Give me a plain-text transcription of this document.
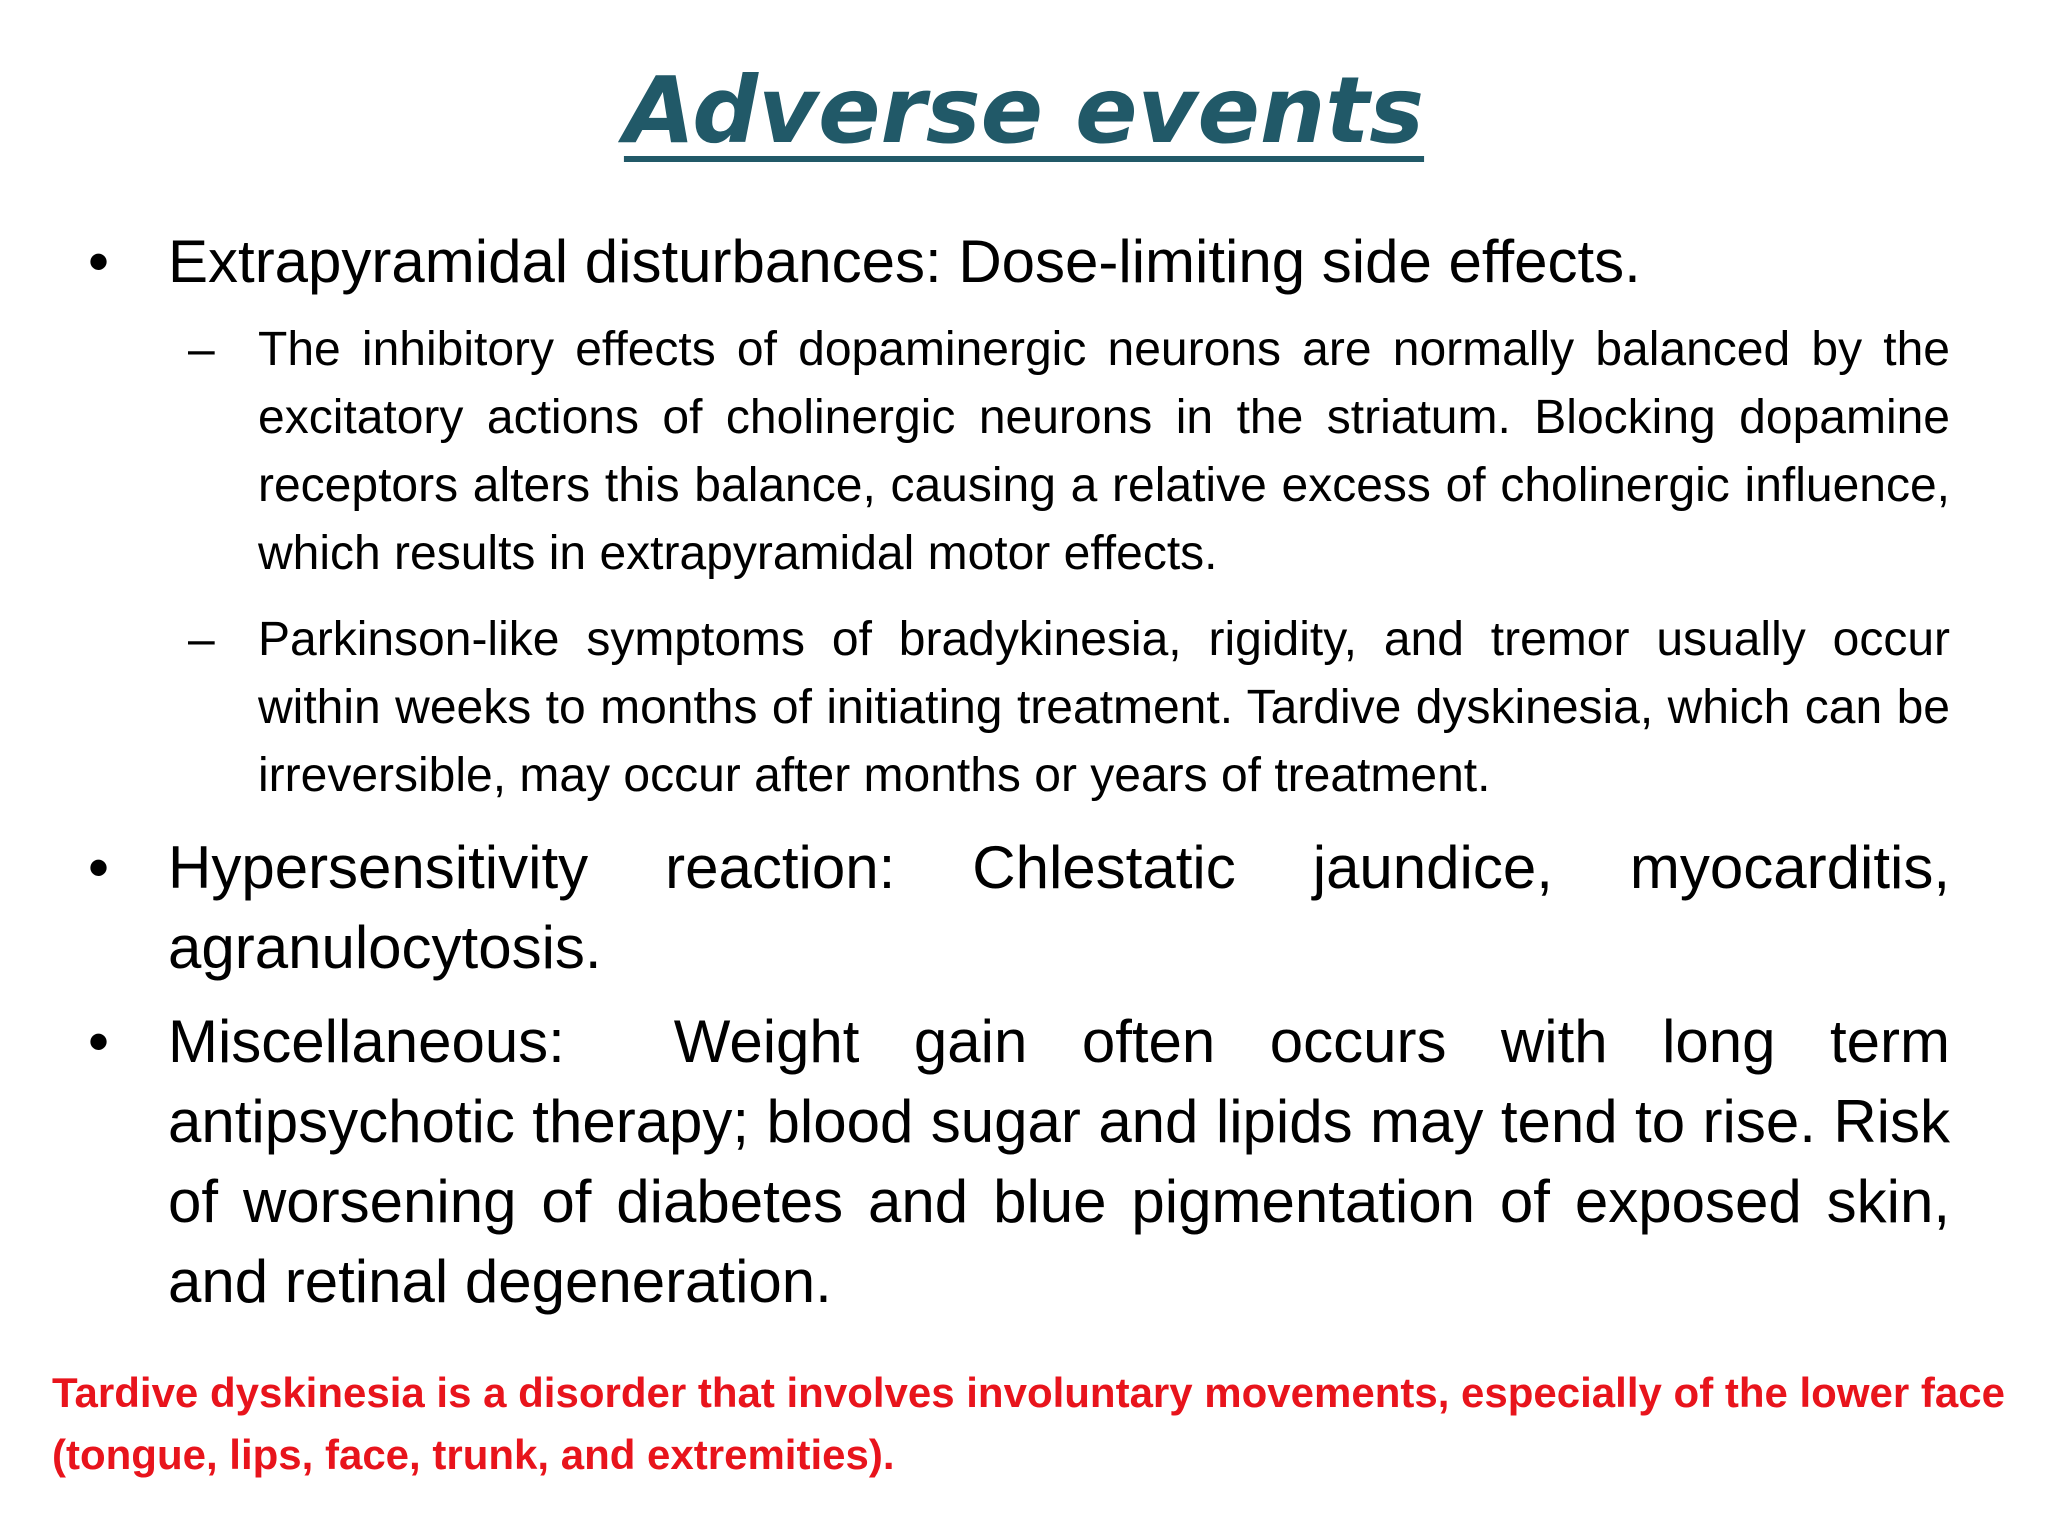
Adverse events
• Extrapyramidal disturbances: Dose-limiting side effects.
– The inhibitory effects of dopaminergic neurons are normally balanced by the excitatory actions of cholinergic neurons in the striatum. Blocking dopamine receptors alters this balance, causing a relative excess of cholinergic influence, which results in extrapyramidal motor effects.
– Parkinson-like symptoms of bradykinesia, rigidity, and tremor usually occur within weeks to months of initiating treatment. Tardive dyskinesia, which can be irreversible, may occur after months or years of treatment.
• Hypersensitivity reaction: Chlestatic jaundice, myocarditis, agranulocytosis.
• Miscellaneous:  Weight gain often occurs with long term antipsychotic therapy; blood sugar and lipids may tend to rise. Risk of worsening of diabetes and blue pigmentation of exposed skin, and retinal degeneration.
Tardive dyskinesia is a disorder that involves involuntary movements, especially of the lower face (tongue, lips, face, trunk, and extremities).
